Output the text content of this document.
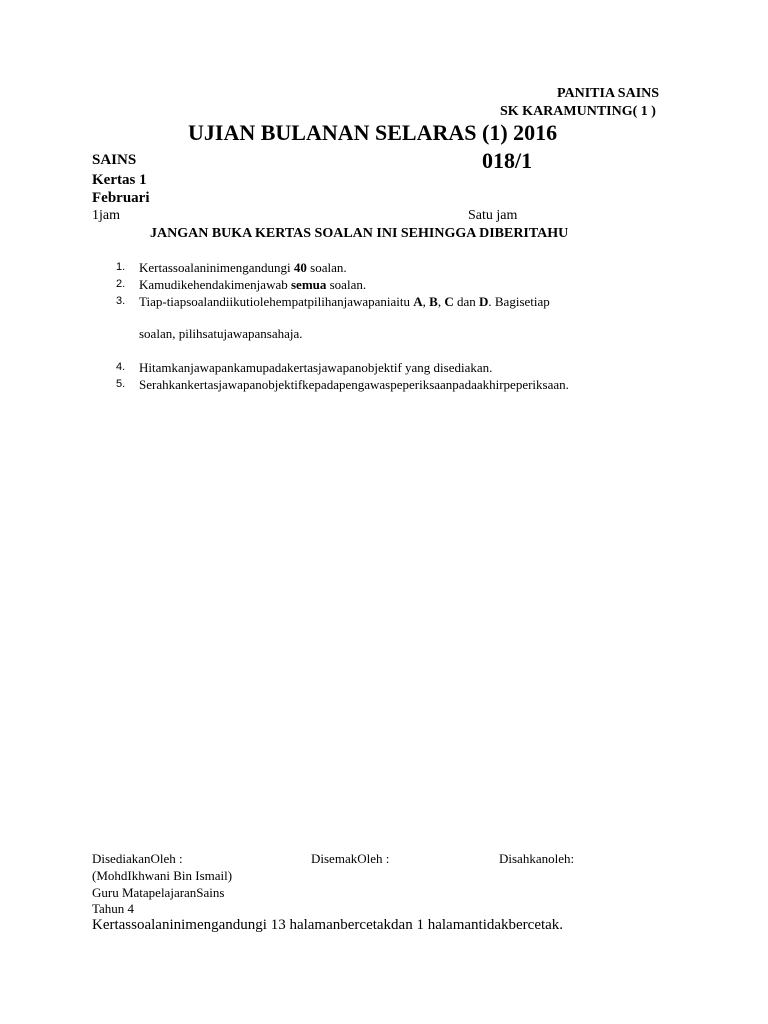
PANITIA SAINS
SK KARAMUNTING( 1 )
UJIAN BULANAN SELARAS (1) 2016
SAINS	018/1
Kertas 1
Februari
1jam	Satu jam
JANGAN BUKA KERTAS SOALAN INI SEHINGGA DIBERITAHU
1. Kertassoalaninimengandungi 40 soalan.
2. Kamudikehendakimenjawab semua soalan.
3. Tiap-tiapsoalandiikutiolehempatpilihanjawapaniaitu A, B, C dan D. Bagisetiap
soalan, pilihsatujawapansahaja.
4. Hitamkanjawapankamupadakertasjawapanobjektif yang disediakan.
5. Serahkankertasjawapanobjektifkepadapengawaspeperiksaanpadaakhirpeperiksaan.
DisediakanOleh :	DisemakOleh :	Disahkanoleh:
(MohdIkhwani Bin Ismail)
Guru MatapelajaranSains
Tahun 4
Kertassoalaninimengandungi 13 halamanbercetakdan 1 halamantidakbercetak.
